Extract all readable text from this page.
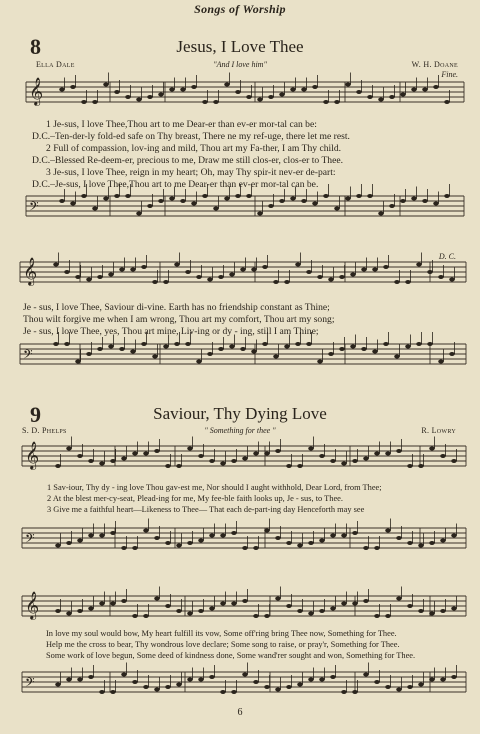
𝄞
𝄢
𝄞
𝄢
𝄞
𝄢
𝄞
𝄢
Songs of Worship
8	Jesus, I Love Thee
Ella Dale	"And I love him"	W. H. Doane
Fine.
D. C.
1 Je-sus, I love Thee,Thou art to me Dear-er than ev-er mor-tal can be:
D.C.–Ten-der-ly fold-ed safe on Thy breast, There ne my ref-uge, there let me rest.
2 Full of compassion, lov-ing and mild, Thou art my Fa-ther, I am Thy child.
D.C.–Blessed Re-deem-er, precious to me, Draw me still clos-er, clos-er to Thee.
3 Je-sus, I love Thee, reign in my heart; Oh, may Thy spir-it nev-er de-part:
D.C.–Je-sus, I love Thee,Thou art to me Dear-er than ev-er mor-tal can be.
Je - sus, I love Thee, Saviour di-vine. Earth has no friendship constant as Thine;
Thou wilt forgive me when I am wrong, Thou art my comfort, Thou art my song;
Je - sus, I love Thee, yes, Thou art mine, Liv-ing or dy - ing, still I am Thine;
9	Saviour, Thy Dying Love
S. D. Phelps	" Something for thee "	R. Lowry
1 Sav-iour, Thy dy - ing love Thou gav-est me, Nor should I aught withhold, Dear Lord, from Thee;
2 At the blest mer-cy-seat, Plead-ing for me, My fee-ble faith looks up, Je - sus, to Thee.
3 Give me a faithful heart—Likeness to Thee— That each de-part-ing day Henceforth may see
In love my soul would bow, My heart fulfill its vow, Some off'ring bring Thee now, Something for Thee.
Help me the cross to bear, Thy wondrous love declare; Some song to raise, or pray'r, Something for Thee.
Some work of love begun, Some deed of kindness done, Some wand'rer sought and won, Something for Thee.
6
